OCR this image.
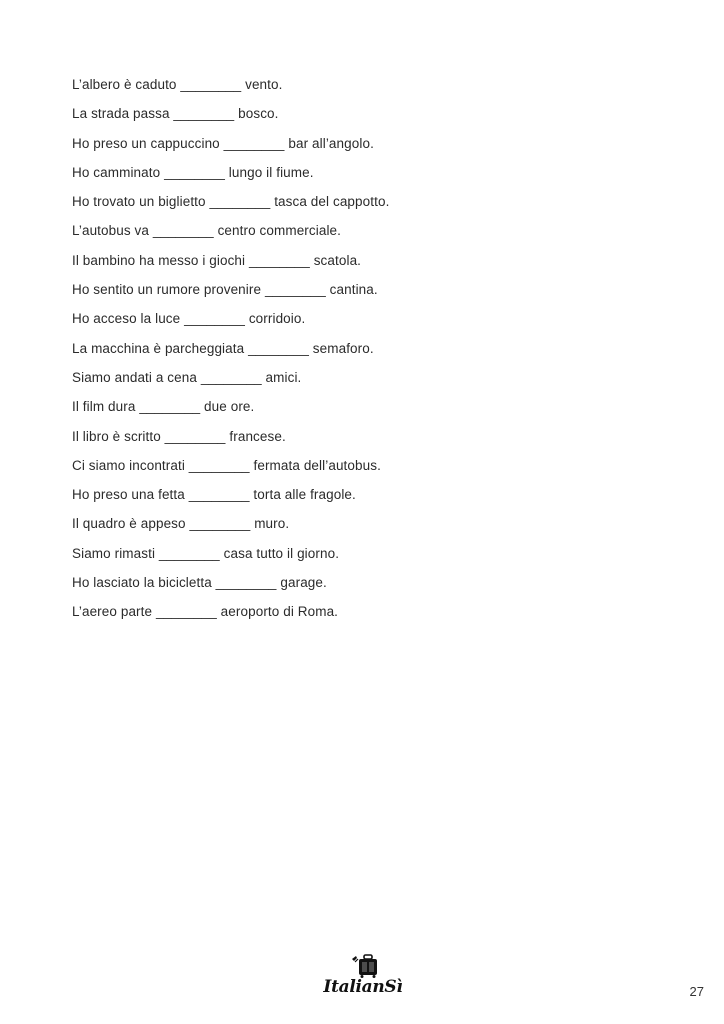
L’albero è caduto ________ vento.
La strada passa ________ bosco.
Ho preso un cappuccino ________ bar all’angolo.
Ho camminato ________ lungo il fiume.
Ho trovato un biglietto ________ tasca del cappotto.
L’autobus va ________ centro commerciale.
Il bambino ha messo i giochi ________ scatola.
Ho sentito un rumore provenire ________ cantina.
Ho acceso la luce ________ corridoio.
La macchina è parcheggiata ________ semaforo.
Siamo andati a cena ________ amici.
Il film dura ________ due ore.
Il libro è scritto ________ francese.
Ci siamo incontrati ________ fermata dell’autobus.
Ho preso una fetta ________ torta alle fragole.
Il quadro è appeso ________ muro.
Siamo rimasti ________ casa tutto il giorno.
Ho lasciato la bicicletta ________ garage.
L’aereo parte ________ aeroporto di Roma.
ItalianSì	27
